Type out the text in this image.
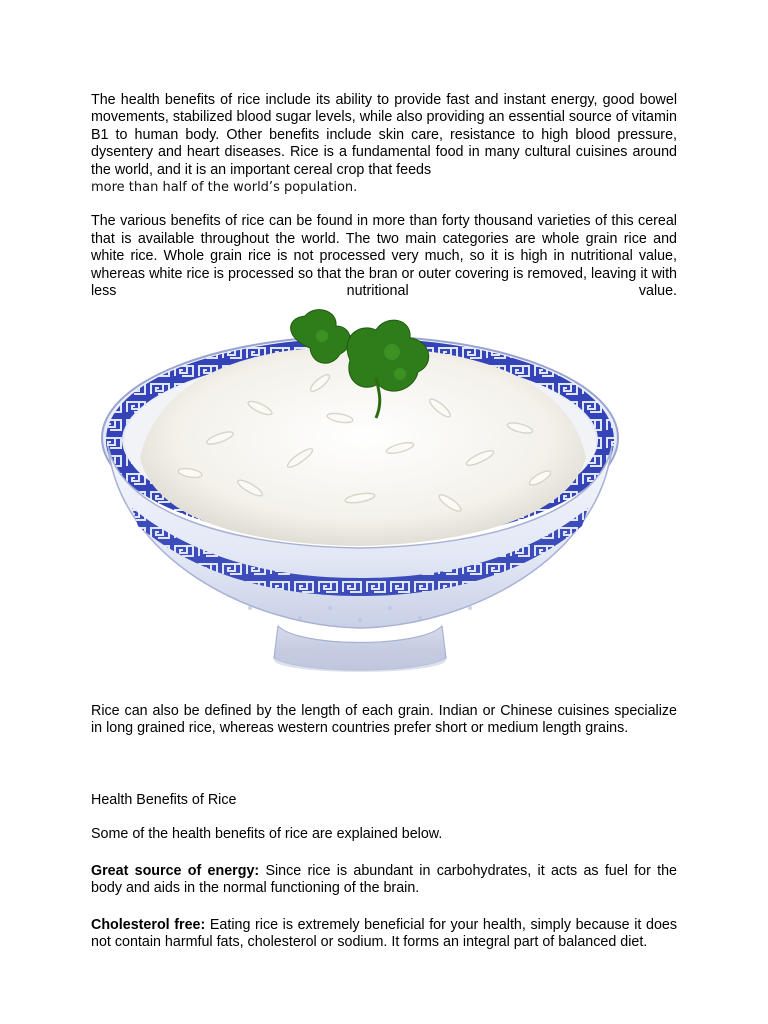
The health benefits of rice include its ability to provide fast and instant energy, good bowel movements, stabilized blood sugar levels, while also providing an essential source of vitamin B1 to human body. Other benefits include skin care, resistance to high blood pressure, dysentery and heart diseases. Rice is a fundamental food in many cultural cuisines around the world, and it is an important cereal crop that feeds
more than half of the world’s population.

The various benefits of rice can be found in more than forty thousand varieties of this cereal that is available throughout the world. The two main categories are whole grain rice and white rice. Whole grain rice is not processed very much, so it is high in nutritional value, whereas white rice is processed so that the bran or outer covering is removed, leaving it with less nutritional value.

Rice can also be defined by the length of each grain. Indian or Chinese cuisines specialize in long grained rice, whereas western countries prefer short or medium length grains.

Health Benefits of Rice

Some of the health benefits of rice are explained below.

Great source of energy: Since rice is abundant in carbohydrates, it acts as fuel for the body and aids in the normal functioning of the brain.

Cholesterol free: Eating rice is extremely beneficial for your health, simply because it does not contain harmful fats, cholesterol or sodium. It forms an integral part of balanced diet.
